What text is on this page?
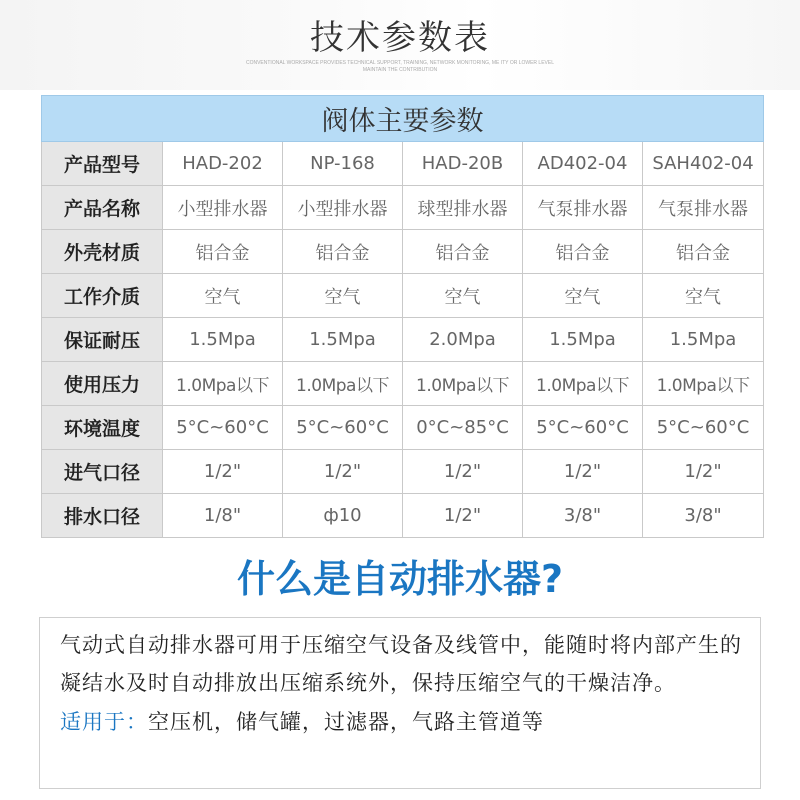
技术参数表
CONVENTIONAL WORKSPACE PROVIDES TECHNICAL SUPPORT, TRAINING, NETWORK MONITORING, ME ITY OR LOWER LEVEL MAINTAIN THE CONTRIBUTION
阀体主要参数					
产品型号	HAD-202	NP-168	HAD-20B	AD402-04	SAH402-04
产品名称	小型排水器	小型排水器	球型排水器	气泵排水器	气泵排水器
外壳材质	铝合金	铝合金	铝合金	铝合金	铝合金
工作介质	空气	空气	空气	空气	空气
保证耐压	1.5Mpa	1.5Mpa	2.0Mpa	1.5Mpa	1.5Mpa
使用压力	1.0Mpa以下	1.0Mpa以下	1.0Mpa以下	1.0Mpa以下	1.0Mpa以下
环境温度	5°C~60°C	5°C~60°C	0°C~85°C	5°C~60°C	5°C~60°C
进气口径	1/2"	1/2"	1/2"	1/2"	1/2"
排水口径	1/8"	ф10	1/2"	3/8"	3/8"
什么是自动排水器?
气动式自动排水器可用于压缩空气设备及线管中，能随时将内部产生的凝结水及时自动排放出压缩系统外，保持压缩空气的干燥洁净。
适用于：空压机，储气罐，过滤器，气路主管道等
